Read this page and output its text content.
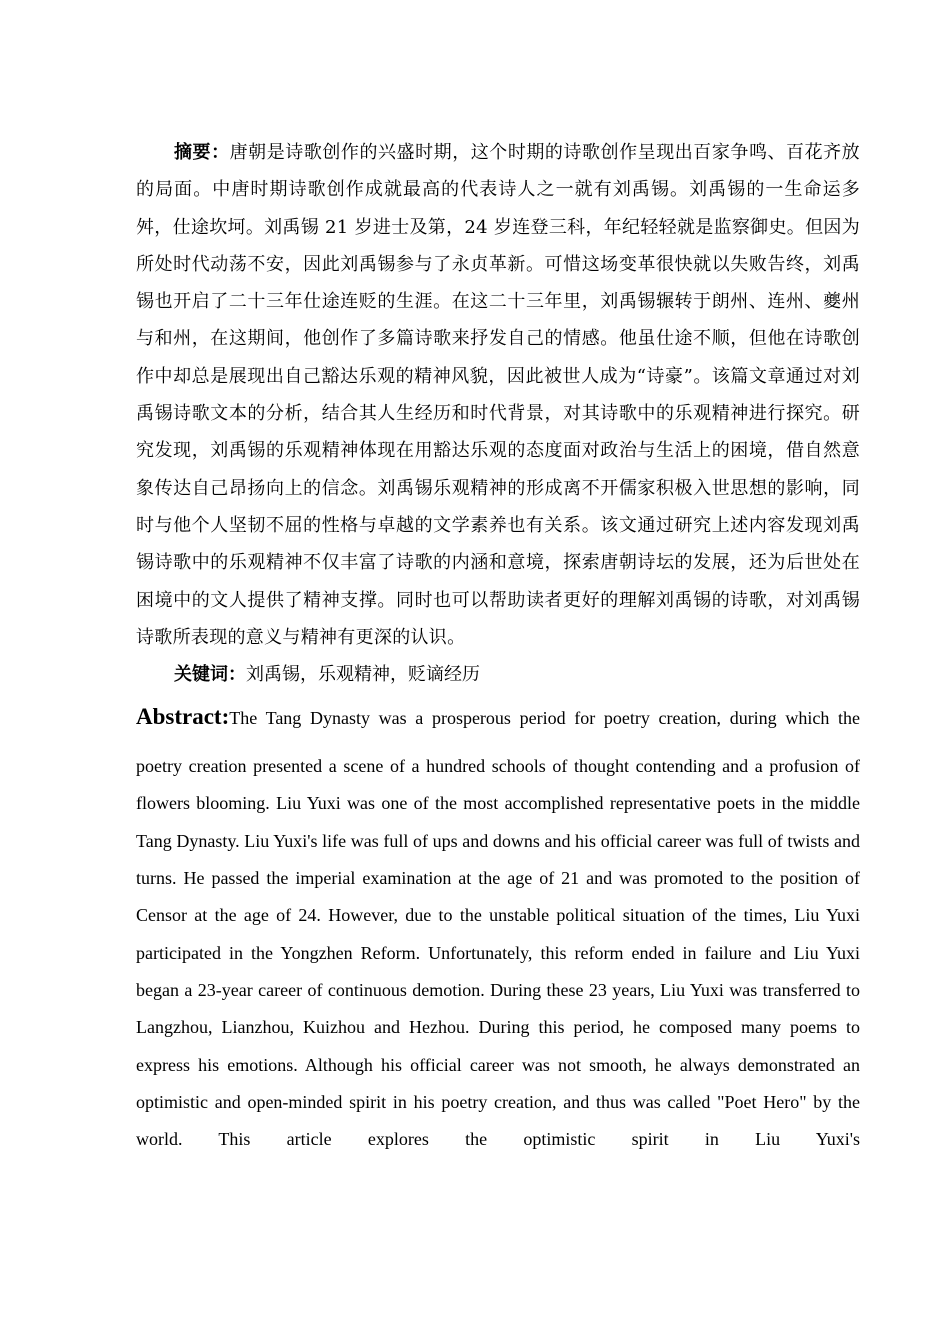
摘要：唐朝是诗歌创作的兴盛时期，这个时期的诗歌创作呈现出百家争鸣、百花齐放的局面。中唐时期诗歌创作成就最高的代表诗人之一就有刘禹锡。刘禹锡的一生命运多舛，仕途坎坷。刘禹锡 21 岁进士及第，24 岁连登三科，年纪轻轻就是监察御史。但因为所处时代动荡不安，因此刘禹锡参与了永贞革新。可惜这场变革很快就以失败告终，刘禹锡也开启了二十三年仕途连贬的生涯。在这二十三年里，刘禹锡辗转于朗州、连州、夔州与和州，在这期间，他创作了多篇诗歌来抒发自己的情感。他虽仕途不顺，但他在诗歌创作中却总是展现出自己豁达乐观的精神风貌，因此被世人成为“诗豪”。该篇文章通过对刘禹锡诗歌文本的分析，结合其人生经历和时代背景，对其诗歌中的乐观精神进行探究。研究发现，刘禹锡的乐观精神体现在用豁达乐观的态度面对政治与生活上的困境，借自然意象传达自己昂扬向上的信念。刘禹锡乐观精神的形成离不开儒家积极入世思想的影响，同时与他个人坚韧不屈的性格与卓越的文学素养也有关系。该文通过研究上述内容发现刘禹锡诗歌中的乐观精神不仅丰富了诗歌的内涵和意境，探索唐朝诗坛的发展，还为后世处在困境中的文人提供了精神支撑。同时也可以帮助读者更好的理解刘禹锡的诗歌，对刘禹锡诗歌所表现的意义与精神有更深的认识。

关键词：刘禹锡，乐观精神，贬谪经历

Abstract:The Tang Dynasty was a prosperous period for poetry creation, during which the

poetry creation presented a scene of a hundred schools of thought contending and a profusion of flowers blooming. Liu Yuxi was one of the most accomplished representative poets in the middle Tang Dynasty. Liu Yuxi's life was full of ups and downs and his official career was full of twists and turns. He passed the imperial examination at the age of 21 and was promoted to the position of Censor at the age of 24. However, due to the unstable political situation of the times, Liu Yuxi participated in the Yongzhen Reform. Unfortunately, this reform ended in failure and Liu Yuxi began a 23-year career of continuous demotion. During these 23 years, Liu Yuxi was transferred to Langzhou, Lianzhou, Kuizhou and Hezhou. During this period, he composed many poems to express his emotions. Although his official career was not smooth, he always demonstrated an optimistic and open-minded spirit in his poetry creation, and thus was called "Poet Hero" by the world. This article explores the optimistic spirit in Liu Yuxi's
